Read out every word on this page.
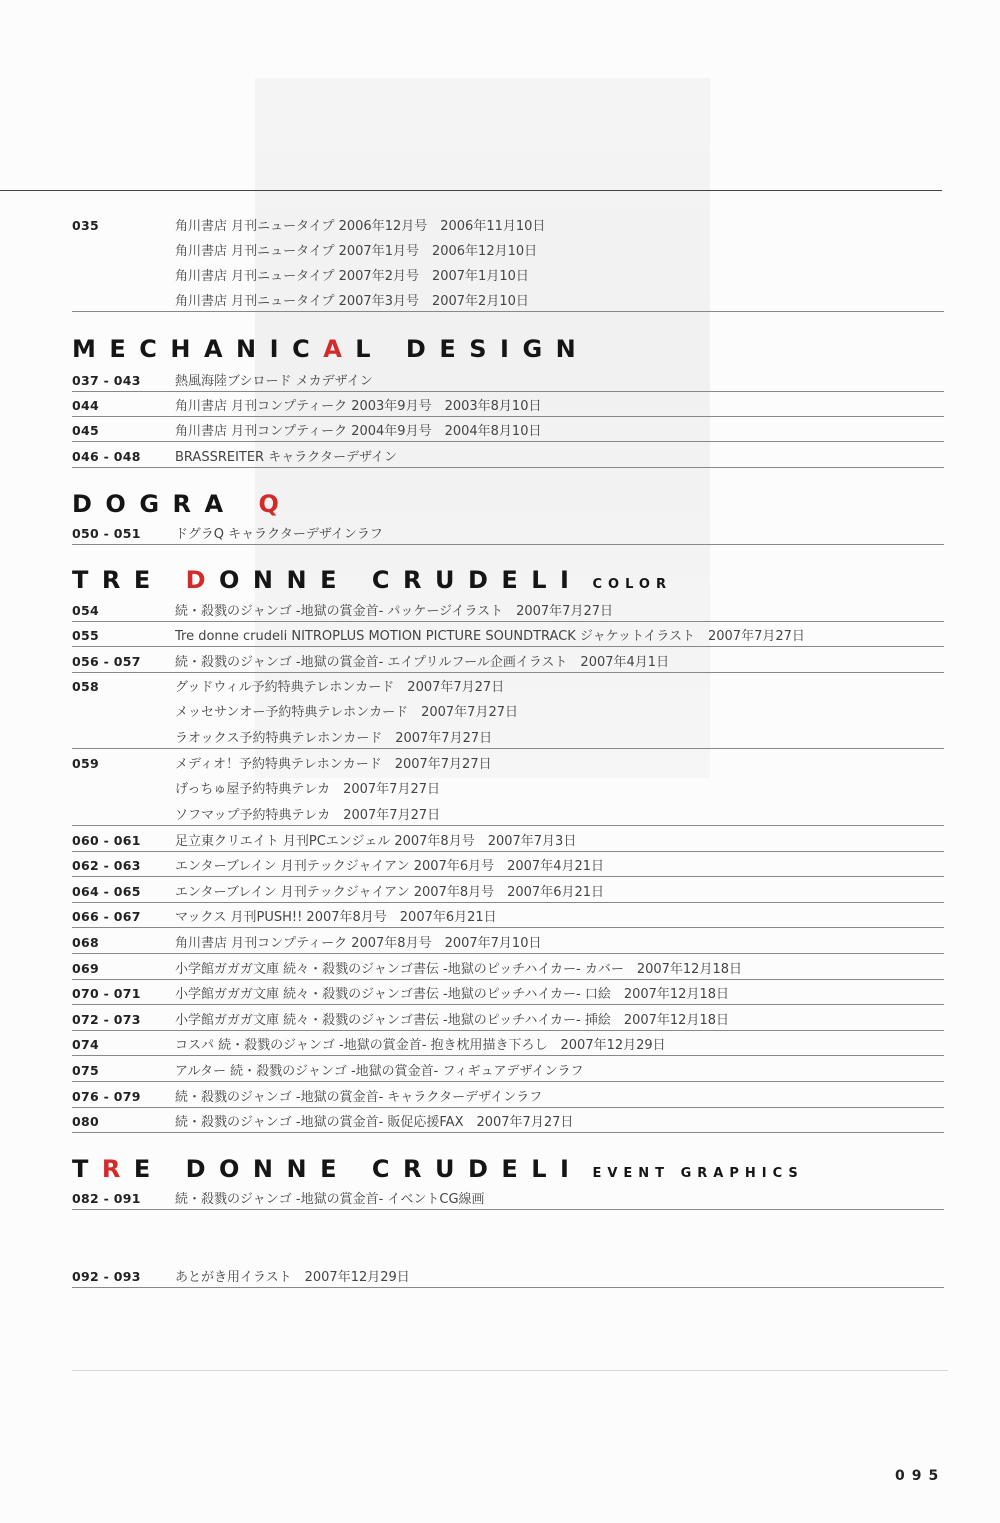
035	角川書店 月刊ニュータイプ 2006年12月号　2006年11月10日
角川書店 月刊ニュータイプ 2007年1月号　2006年12月10日
角川書店 月刊ニュータイプ 2007年2月号　2007年1月10日
角川書店 月刊ニュータイプ 2007年3月号　2007年2月10日
MECHANICAL DESIGN
037 - 043	熱風海陸ブシロード メカデザイン
044	角川書店 月刊コンプティーク 2003年9月号　2003年8月10日
045	角川書店 月刊コンプティーク 2004年9月号　2004年8月10日
046 - 048	BRASSREITER キャラクターデザイン
DOGRA Q
050 - 051	ドグラQ キャラクターデザインラフ
TRE DONNE CRUDELI COLOR
054	続・殺戮のジャンゴ -地獄の賞金首- パッケージイラスト　2007年7月27日
055	Tre donne crudeli NITROPLUS MOTION PICTURE SOUNDTRACK ジャケットイラスト　2007年7月27日
056 - 057	続・殺戮のジャンゴ -地獄の賞金首- エイプリルフール企画イラスト　2007年4月1日
058	グッドウィル予約特典テレホンカード　2007年7月27日
メッセサンオー予約特典テレホンカード　2007年7月27日
ラオックス予約特典テレホンカード　2007年7月27日
059	メディオ！予約特典テレホンカード　2007年7月27日
げっちゅ屋予約特典テレカ　2007年7月27日
ソフマップ予約特典テレカ　2007年7月27日
060 - 061	足立東クリエイト 月刊PCエンジェル 2007年8月号　2007年7月3日
062 - 063	エンターブレイン 月刊テックジャイアン 2007年6月号　2007年4月21日
064 - 065	エンターブレイン 月刊テックジャイアン 2007年8月号　2007年6月21日
066 - 067	マックス 月刊PUSH!! 2007年8月号　2007年6月21日
068	角川書店 月刊コンプティーク 2007年8月号　2007年7月10日
069	小学館ガガガ文庫 続々・殺戮のジャンゴ書伝 -地獄のピッチハイカー- カバー　2007年12月18日
070 - 071	小学館ガガガ文庫 続々・殺戮のジャンゴ書伝 -地獄のピッチハイカー- 口絵　2007年12月18日
072 - 073	小学館ガガガ文庫 続々・殺戮のジャンゴ書伝 -地獄のピッチハイカー- 挿絵　2007年12月18日
074	コスパ 続・殺戮のジャンゴ -地獄の賞金首- 抱き枕用描き下ろし　2007年12月29日
075	アルター 続・殺戮のジャンゴ -地獄の賞金首- フィギュアデザインラフ
076 - 079	続・殺戮のジャンゴ -地獄の賞金首- キャラクターデザインラフ
080	続・殺戮のジャンゴ -地獄の賞金首- 販促応援FAX　2007年7月27日
TRE DONNE CRUDELI EVENT GRAPHICS
082 - 091	続・殺戮のジャンゴ -地獄の賞金首- イベントCG線画
092 - 093	あとがき用イラスト　2007年12月29日
095
